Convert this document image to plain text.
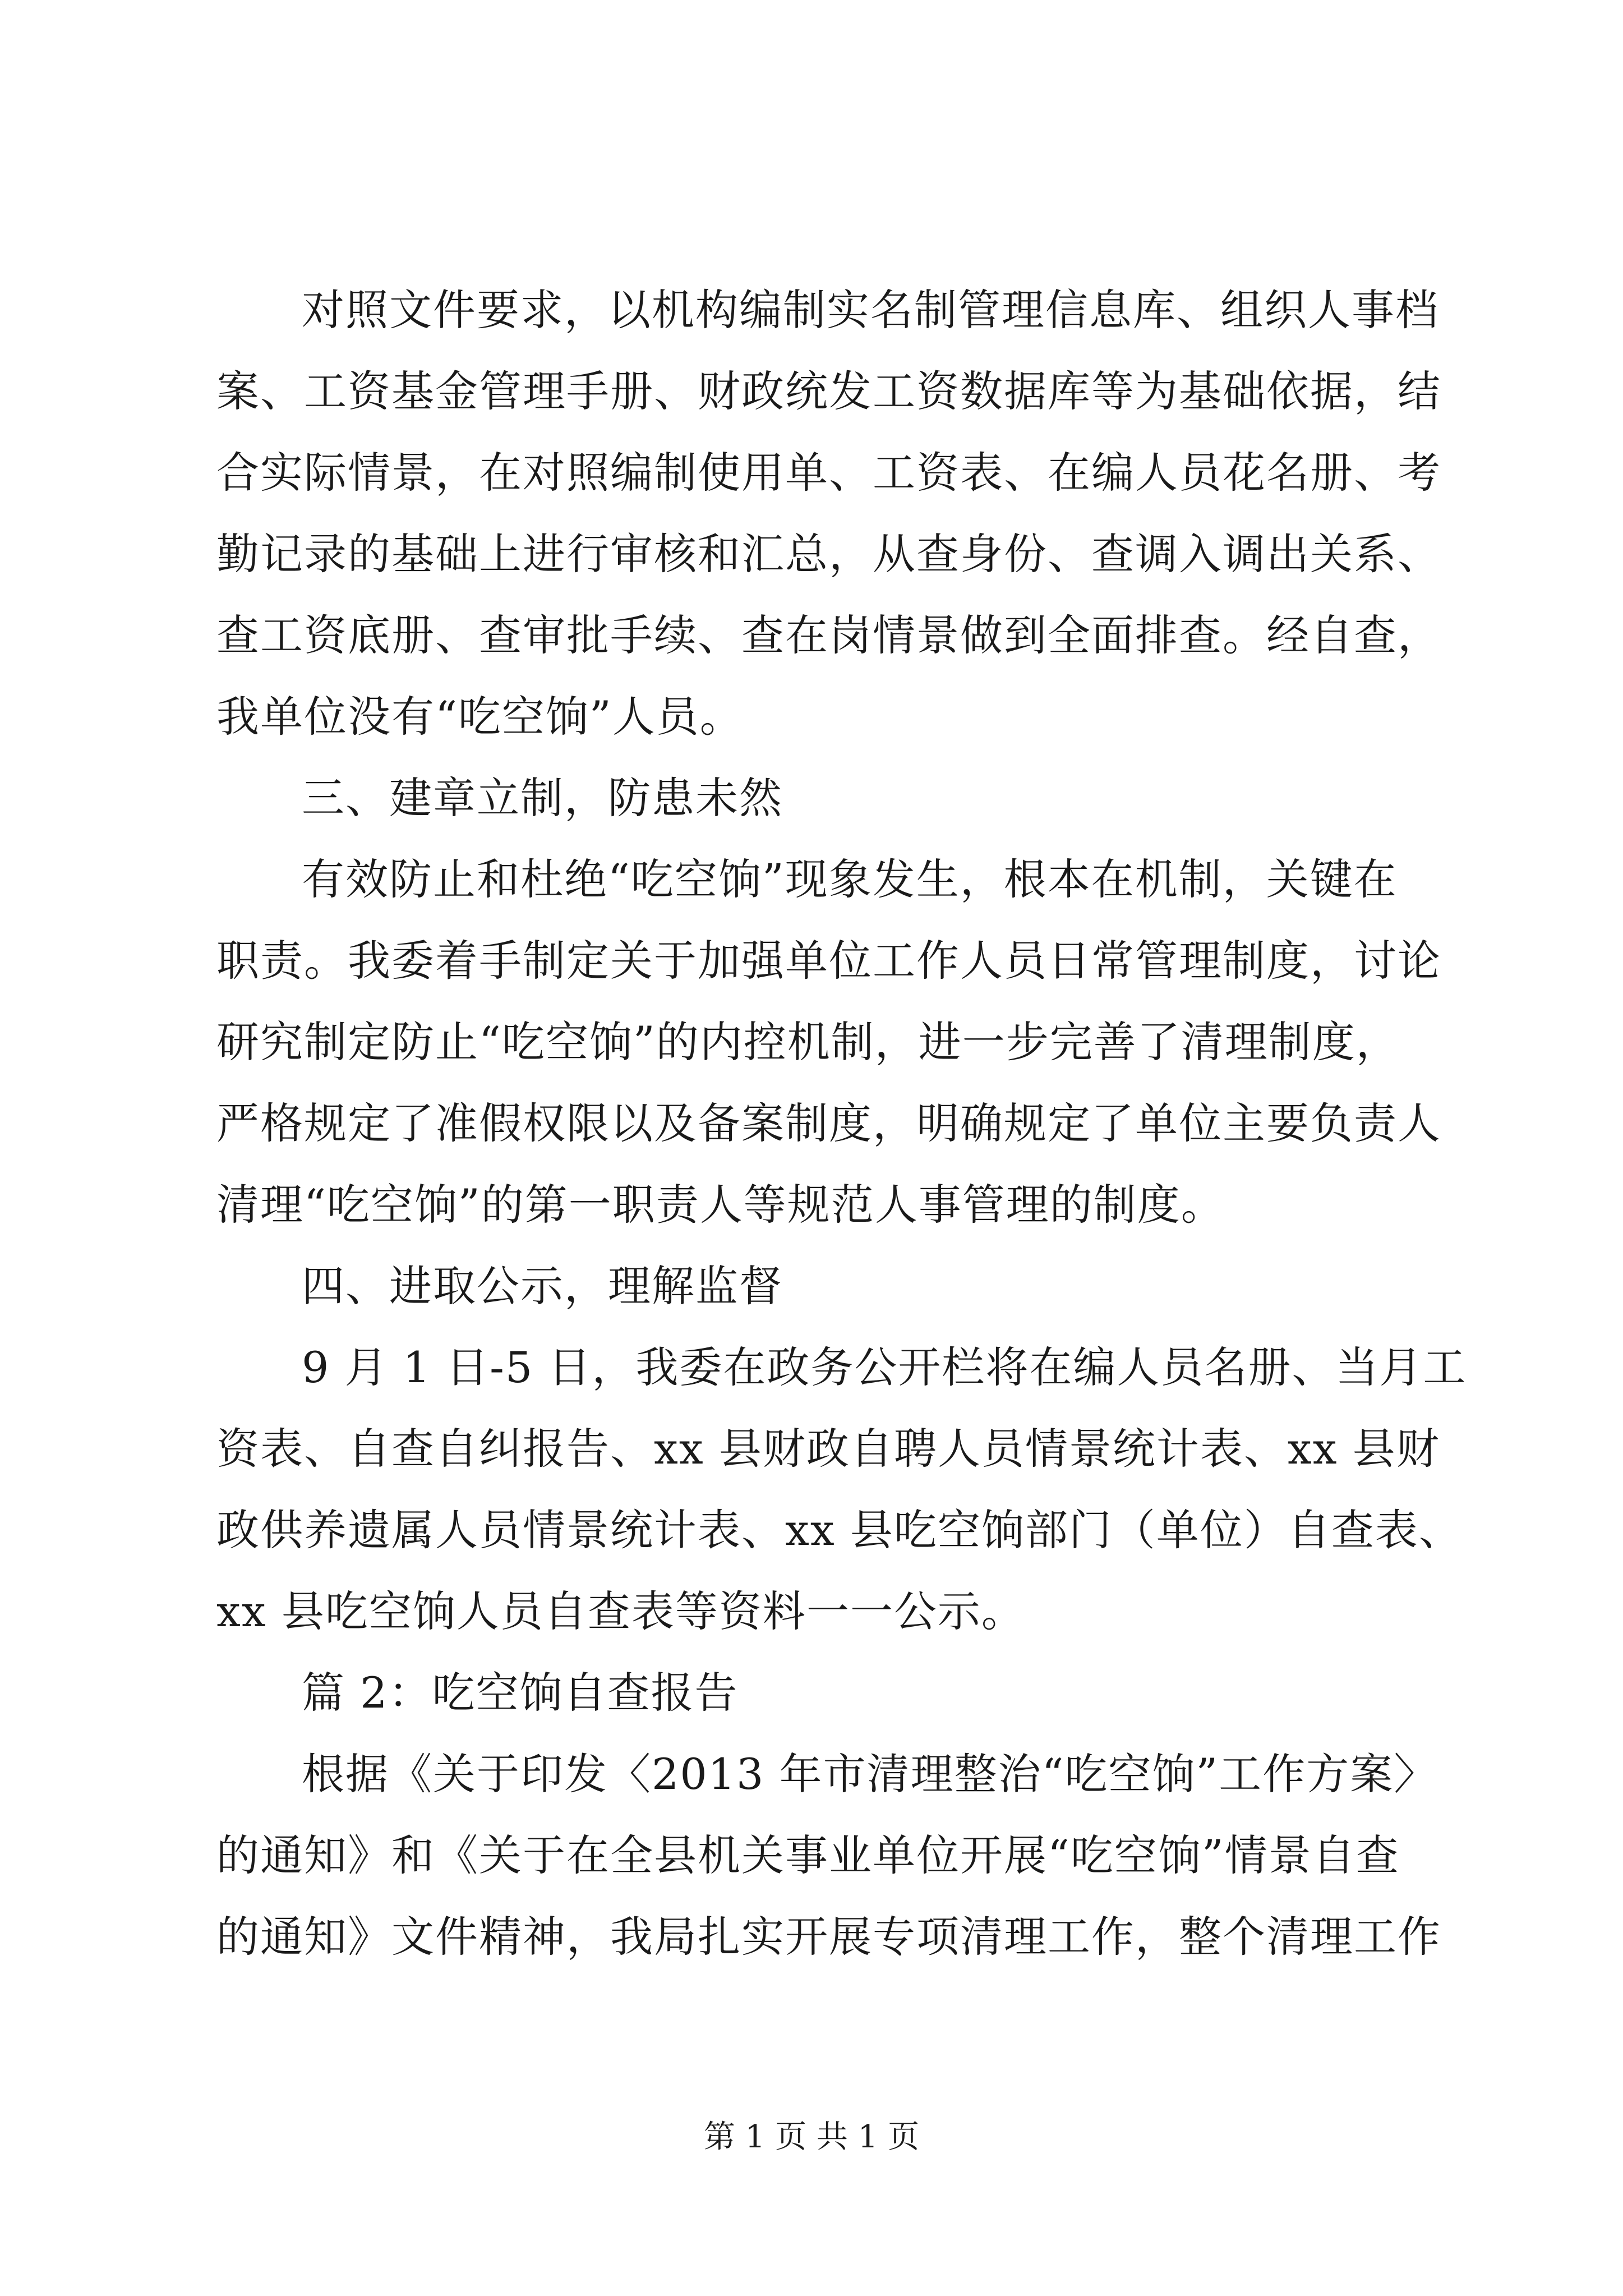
对照文件要求，以机构编制实名制管理信息库、组织人事档
案、工资基金管理手册、财政统发工资数据库等为基础依据，结
合实际情景，在对照编制使用单、工资表、在编人员花名册、考
勤记录的基础上进行审核和汇总，从查身份、查调入调出关系、
查工资底册、查审批手续、查在岗情景做到全面排查。经自查，
我单位没有“吃空饷”人员。
三、建章立制，防患未然
有效防止和杜绝“吃空饷”现象发生，根本在机制，关键在
职责。我委着手制定关于加强单位工作人员日常管理制度，讨论
研究制定防止“吃空饷”的内控机制，进一步完善了清理制度，
严格规定了准假权限以及备案制度，明确规定了单位主要负责人
清理“吃空饷”的第一职责人等规范人事管理的制度。
四、进取公示，理解监督
9 月 1 日-5 日，我委在政务公开栏将在编人员名册、当月工
资表、自查自纠报告、xx 县财政自聘人员情景统计表、xx 县财
政供养遗属人员情景统计表、xx 县吃空饷部门（单位）自查表、
xx 县吃空饷人员自查表等资料一一公示。
篇 2：吃空饷自查报告
根据《关于印发〈2013 年市清理整治“吃空饷”工作方案〉
的通知》和《关于在全县机关事业单位开展“吃空饷”情景自查
的通知》文件精神，我局扎实开展专项清理工作，整个清理工作
第 1 页 共 1 页
